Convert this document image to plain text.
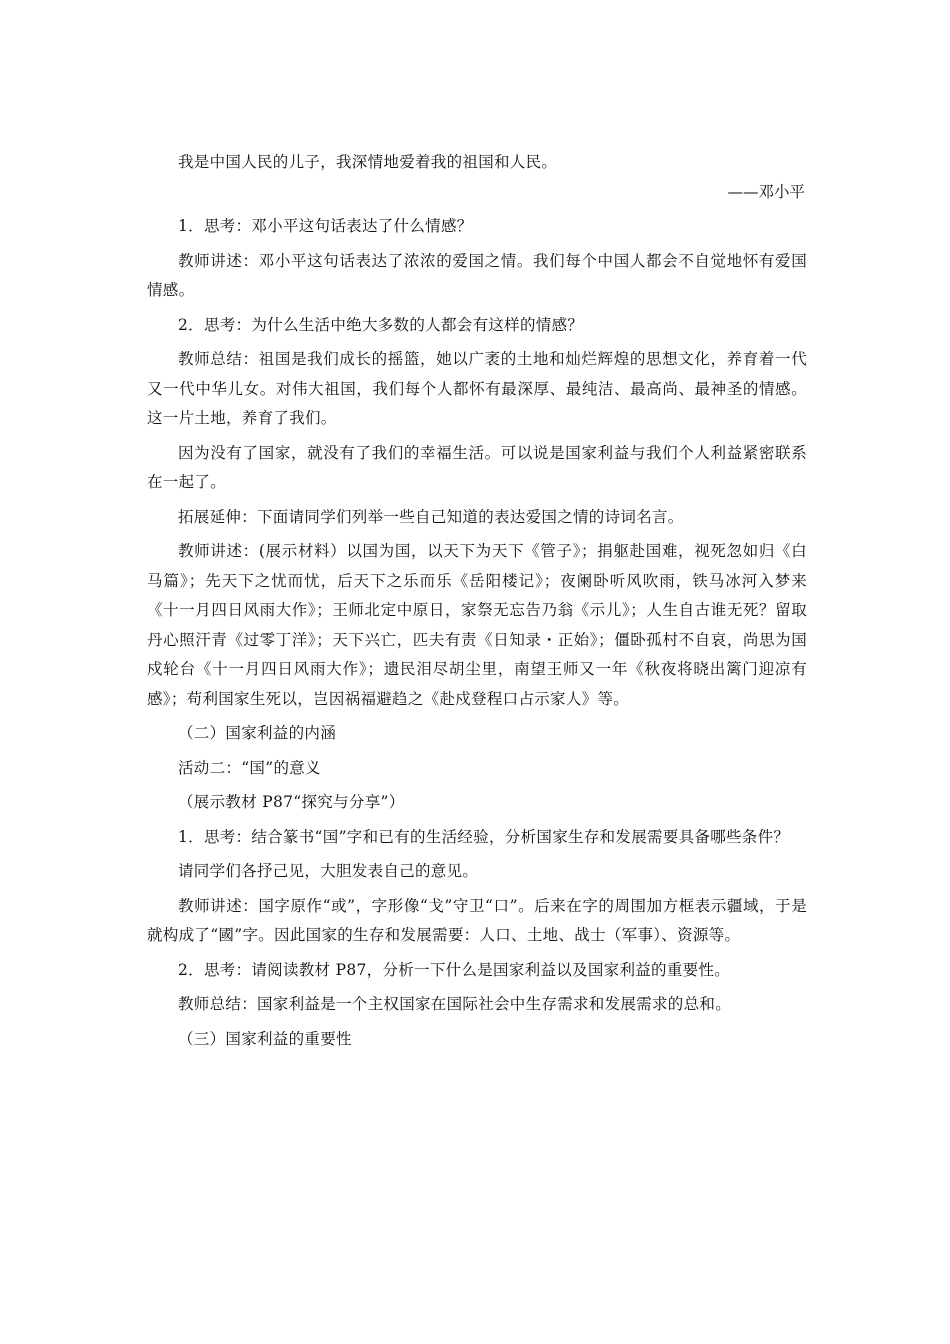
我是中国人民的儿子，我深情地爱着我的祖国和人民。

——邓小平

1．思考：邓小平这句话表达了什么情感？

教师讲述：邓小平这句话表达了浓浓的爱国之情。我们每个中国人都会不自觉地怀有爱国情感。

2．思考：为什么生活中绝大多数的人都会有这样的情感？

教师总结：祖国是我们成长的摇篮，她以广袤的土地和灿烂辉煌的思想文化，养育着一代又一代中华儿女。对伟大祖国，我们每个人都怀有最深厚、最纯洁、最高尚、最神圣的情感。这一片土地，养育了我们。

因为没有了国家，就没有了我们的幸福生活。可以说是国家利益与我们个人利益紧密联系在一起了。

拓展延伸：下面请同学们列举一些自己知道的表达爱国之情的诗词名言。

教师讲述：(展示材料）以国为国，以天下为天下《管子》；捐躯赴国难，视死忽如归《白马篇》；先天下之忧而忧，后天下之乐而乐《岳阳楼记》；夜阑卧听风吹雨，铁马冰河入梦来《十一月四日风雨大作》；王师北定中原日，家祭无忘告乃翁《示儿》；人生自古谁无死？留取丹心照汗青《过零丁洋》；天下兴亡，匹夫有责《日知录・正始》；僵卧孤村不自哀，尚思为国戍轮台《十一月四日风雨大作》；遗民泪尽胡尘里，南望王师又一年《秋夜将晓出篱门迎凉有感》；苟利国家生死以，岂因祸福避趋之《赴戍登程口占示家人》等。

（二）国家利益的内涵

活动二：“国”的意义

（展示教材 P87“探究与分享”）

1．思考：结合篆书“国”字和已有的生活经验，分析国家生存和发展需要具备哪些条件？

请同学们各抒己见，大胆发表自己的意见。

教师讲述：国字原作“或”，字形像“戈”守卫“口”。后来在字的周围加方框表示疆域，于是就构成了“國”字。因此国家的生存和发展需要：人口、土地、战士（军事）、资源等。

2．思考：请阅读教材 P87，分析一下什么是国家利益以及国家利益的重要性。

教师总结：国家利益是一个主权国家在国际社会中生存需求和发展需求的总和。

（三）国家利益的重要性
